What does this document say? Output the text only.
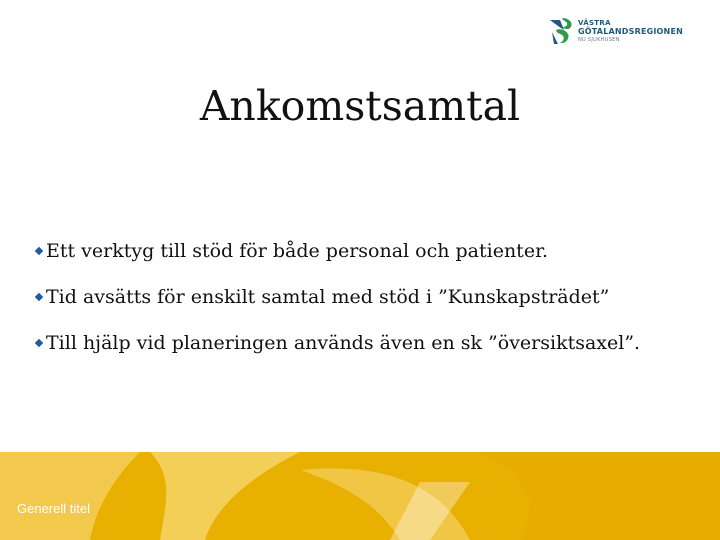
VÄSTRA
GÖTALANDSREGIONEN
NU SJUKHUSEN
Ankomstsamtal
Ett verktyg till stöd för både personal och patienter.
Tid avsätts för enskilt samtal med stöd i ”Kunskapsträdet”
Till hjälp vid planeringen används även en sk ”översiktsaxel”.
Generell titel
